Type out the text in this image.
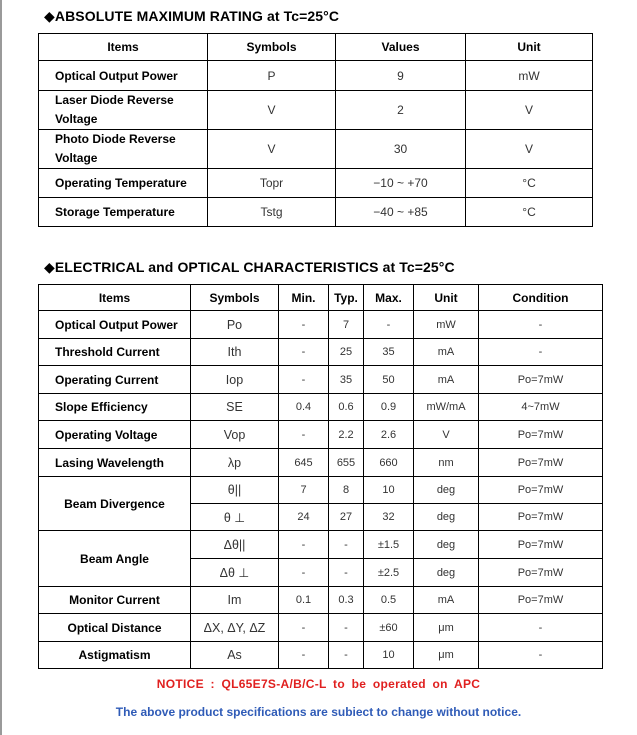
◆ABSOLUTE MAXIMUM RATING at Tc=25°C
Items	Symbols	Values	Unit
Optical Output Power	P	9	mW
Laser Diode Reverse Voltage	V	2	V
Photo Diode Reverse Voltage	V	30	V
Operating Temperature	Topr	−10 ~ +70	°C
Storage Temperature	Tstg	−40 ~ +85	°C
◆ELECTRICAL and OPTICAL CHARACTERISTICS at Tc=25°C
Items	Symbols	Min.	Typ.	Max.	Unit	Condition
Optical Output Power	Po	-	7	-	mW	-
Threshold Current	Ith	-	25	35	mA	-
Operating Current	Iop	-	35	50	mA	Po=7mW
Slope Efficiency	SE	0.4	0.6	0.9	mW/mA	4~7mW
Operating Voltage	Vop	-	2.2	2.6	V	Po=7mW
Lasing Wavelength	λp	645	655	660	nm	Po=7mW
Beam Divergence	θ||	7	8	10	deg	Po=7mW
	θ ⊥	24	27	32	deg	Po=7mW
Beam Angle	Δθ||	-	-	±1.5	deg	Po=7mW
	Δθ ⊥	-	-	±2.5	deg	Po=7mW
Monitor Current	Im	0.1	0.3	0.5	mA	Po=7mW
Optical Distance	ΔX, ΔY, ΔZ	-	-	±60	μm	-
Astigmatism	As	-	-	10	μm	-
NOTICE : QL65E7S-A/B/C-L to be operated on APC
The above product specifications are subiect to change without notice.
